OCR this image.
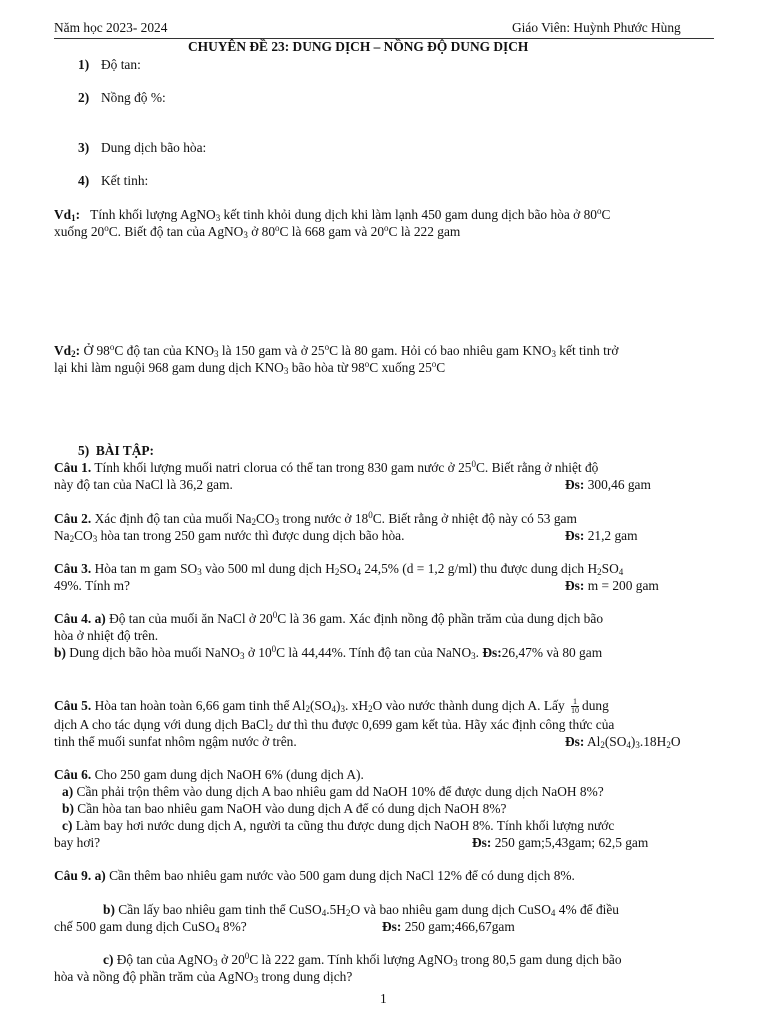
Năm học 2023- 2024	Giáo Viên: Huỳnh Phước Hùng
CHUYÊN ĐỀ 23: DUNG DỊCH – NỒNG ĐỘ DUNG DỊCH
1) Độ tan:
2) Nồng độ %:
3) Dung dịch bão hòa:
4) Kết tinh:
$Vd_1$: Tính khối lượng AgNO$_3$ kết tinh khỏi dung dịch khi làm lạnh 450 gam dung dịch bão hòa ở 80$^o$C
xuống 20$^o$C. Biết độ tan của AgNO$_3$ ở 80$^o$C là 668 gam và 20$^o$C là 222 gam
$Vd_2$: Ở 98$^o$C độ tan của $KNO_3$ là 150 gam và ở 25$^o$C là 80 gam. Hỏi có bao nhiêu gam $KNO_3$ kết tinh trở
lại khi làm nguội 968 gam dung dịch $KNO_3$ bão hòa từ 98$^o$C xuống 25$^o$C
5) BÀI TẬP:
Câu 1. Tính khối lượng muối natri clorua có thể tan trong 830 gam nước ở $25^0C$. Biết rằng ở nhiệt độ
này độ tan của NaCl là 36,2 gam.	Đs: 300,46 gam
Câu 2. Xác định độ tan của muối $Na_2CO_3$ trong nước ở $18^0C$. Biết rằng ở nhiệt độ này có 53 gam
$Na_2CO_3$ hòa tan trong 250 gam nước thì được dung dịch bão hòa.	Đs: 21,2 gam
Câu 3. Hòa tan m gam $SO_3$ vào 500 ml dung dịch $H_2SO_4$ 24,5% (d = 1,2 g/ml) thu được dung dịch $H_2SO_4$
49%. Tính m?	Đs: m = 200 gam
Câu 4. a) Độ tan của muối ăn NaCl ở $20^0C$ là 36 gam. Xác định nồng độ phần trăm của dung dịch bão
hòa ở nhiệt độ trên.
b) Dung dịch bão hòa muối NaNO$_3$ ở $10^0C$ là 44,44%. Tính độ tan của NaNO$_3$. Đs:26,47% và 80 gam
Câu 5. Hòa tan hoàn toàn 6,66 gam tinh thể $Al_2(SO_4)_3$. $xH_2O$ vào nước thành dung dịch A. Lấy $\frac{1}{10}$ dung
dịch A cho tác dụng với dung dịch BaCl$_2$ dư thì thu được 0,699 gam kết tủa. Hãy xác định công thức của
tinh thể muối sunfat nhôm ngậm nước ở trên.	Đs: $Al_2(SO_4)_3.18H_2O$
Câu 6. Cho 250 gam dung dịch NaOH 6% (dung dịch A).
a) Cần phải trộn thêm vào dung dịch A bao nhiêu gam dd NaOH 10% để được dung dịch NaOH 8%?
b) Cần hòa tan bao nhiêu gam NaOH vào dung dịch A để có dung dịch NaOH 8%?
c) Làm bay hơi nước dung dịch A, người ta cũng thu được dung dịch NaOH 8%. Tính khối lượng nước
bay hơi?	Đs: 250 gam;5,43gam; 62,5 gam
Câu 9. a) Cần thêm bao nhiêu gam nước vào 500 gam dung dịch NaCl 12% để có dung dịch 8%.
b) Cần lấy bao nhiêu gam tinh thể $CuSO_4.5H_2O$ và bao nhiêu gam dung dịch CuSO$_4$ 4% để điều
chế 500 gam dung dịch CuSO$_4$ 8%?	Đs: 250 gam;466,67gam
c) Độ tan của AgNO$_3$ ở $20^0C$ là 222 gam. Tính khối lượng AgNO$_3$ trong 80,5 gam dung dịch bão
hòa và nồng độ phần trăm của AgNO$_3$ trong dung dịch?
1
